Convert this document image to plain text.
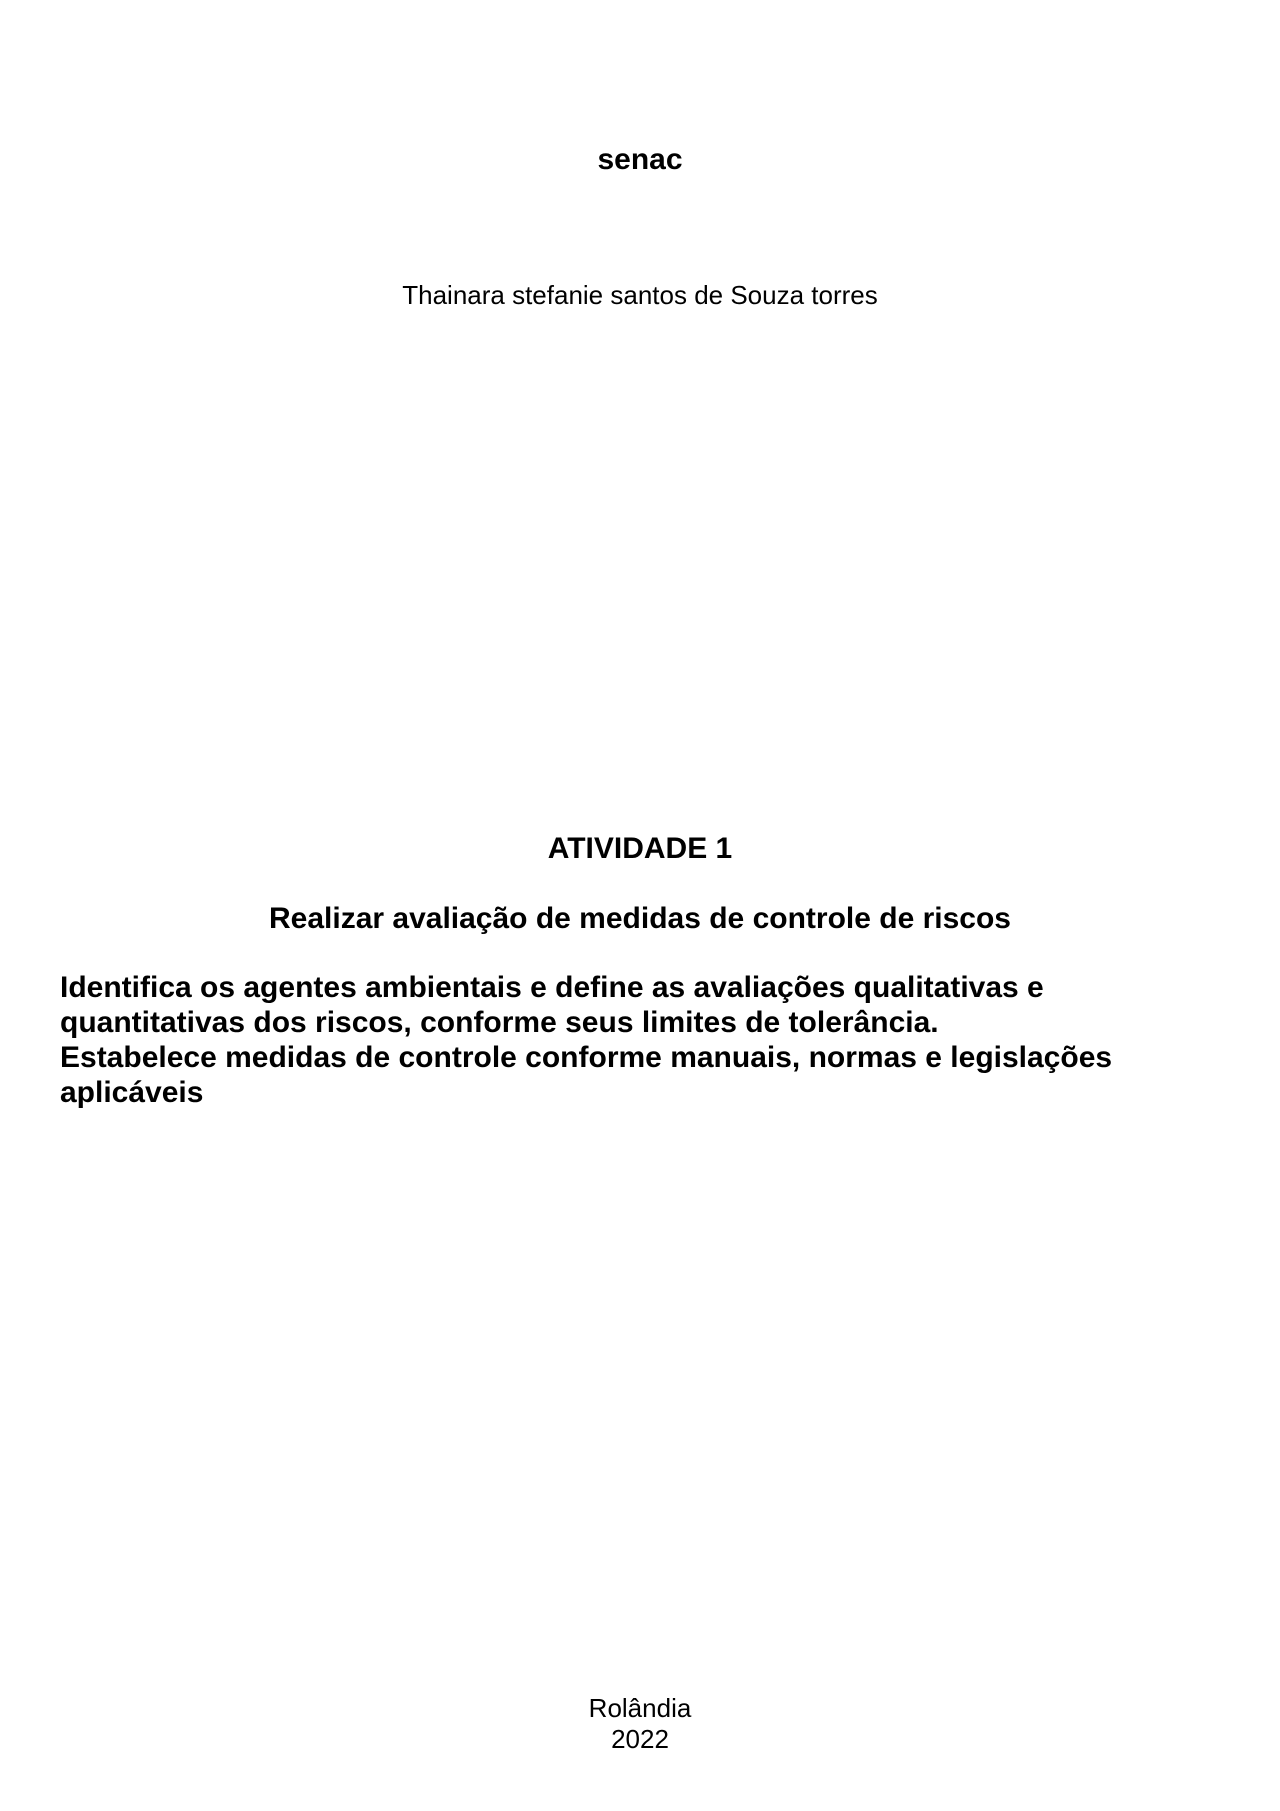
senac
Thainara stefanie santos de Souza torres
ATIVIDADE 1
Realizar avaliação de medidas de controle de riscos

Identifica os agentes ambientais e define as avaliações qualitativas e quantitativas dos riscos, conforme seus limites de tolerância.

Estabelece medidas de controle conforme manuais, normas e legislações aplicáveis

Rolândia
2022
